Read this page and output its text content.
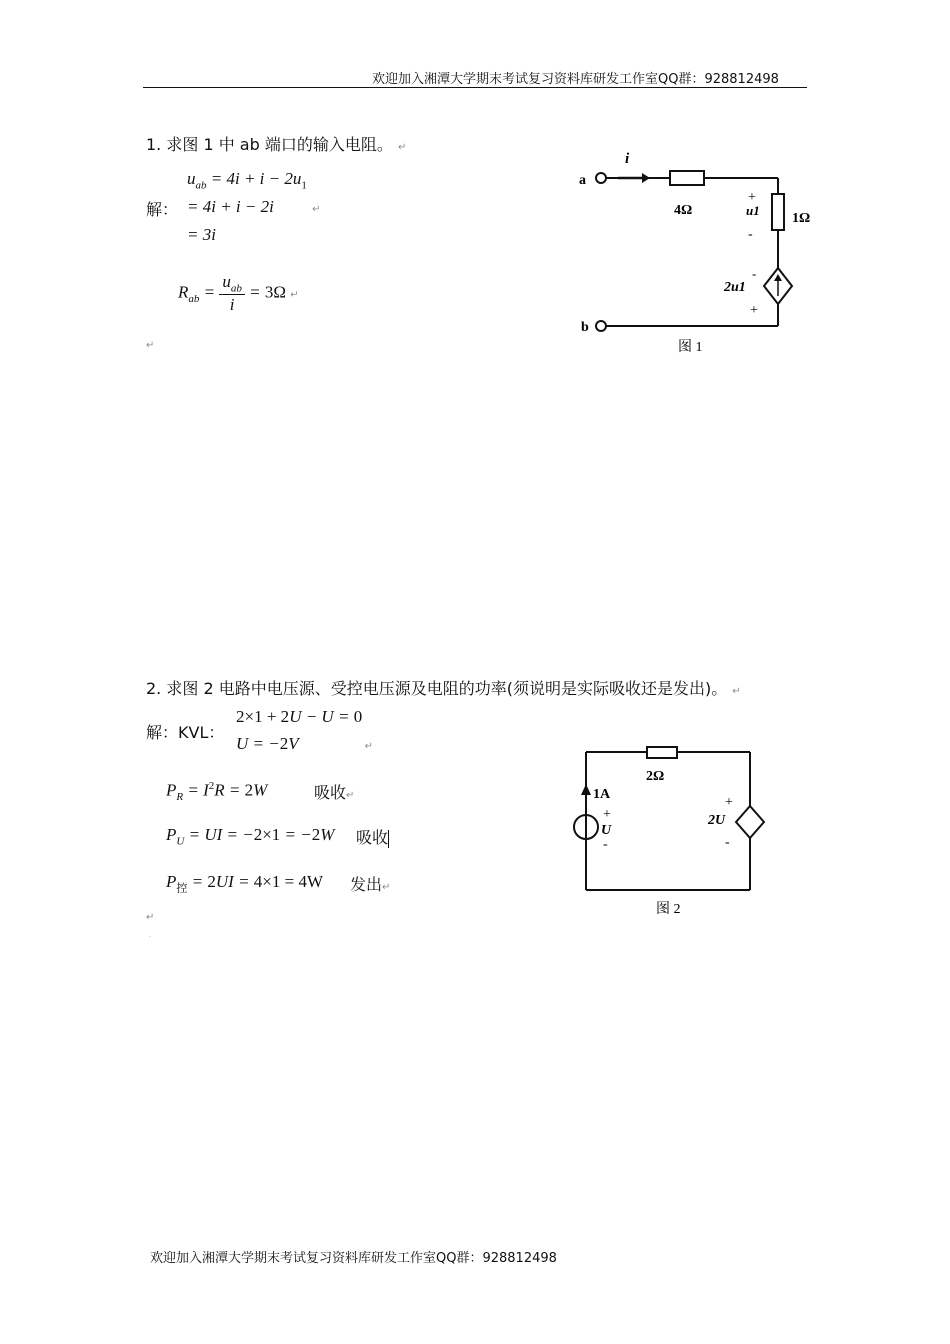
欢迎加入湘潭大学期末考试复习资料库研发工作室QQ群：928812498
1. 求图 1 中 ab 端口的输入电阻。 ↵
$u_{ab} = 4i + i - 2u_1$
解： = 4i + i − 2i	↵
= 3i
$R_{ab} = \frac{u_{ab}}{i} = 3\Omega$ ↵
↵
a
b
i
4Ω
1Ω
+
u1
-
-
2u1
+
图 1
2. 求图 2 电路中电压源、受控电压源及电阻的功率(须说明是实际吸收还是发出)。 ↵
解：KVL：
2×1 + 2U − U = 0
U = −2V	↵
$P_R = I^2R = 2W$	吸收↵
$P_U$ = UI = −2×1 = −2W 吸收
$P_控 = 2UI = 4\times 1 = 4W$ 发出↵
↵
.
2Ω
1A
+
U
-
+
2U
-
图 2
欢迎加入湘潭大学期末考试复习资料库研发工作室QQ群：928812498
